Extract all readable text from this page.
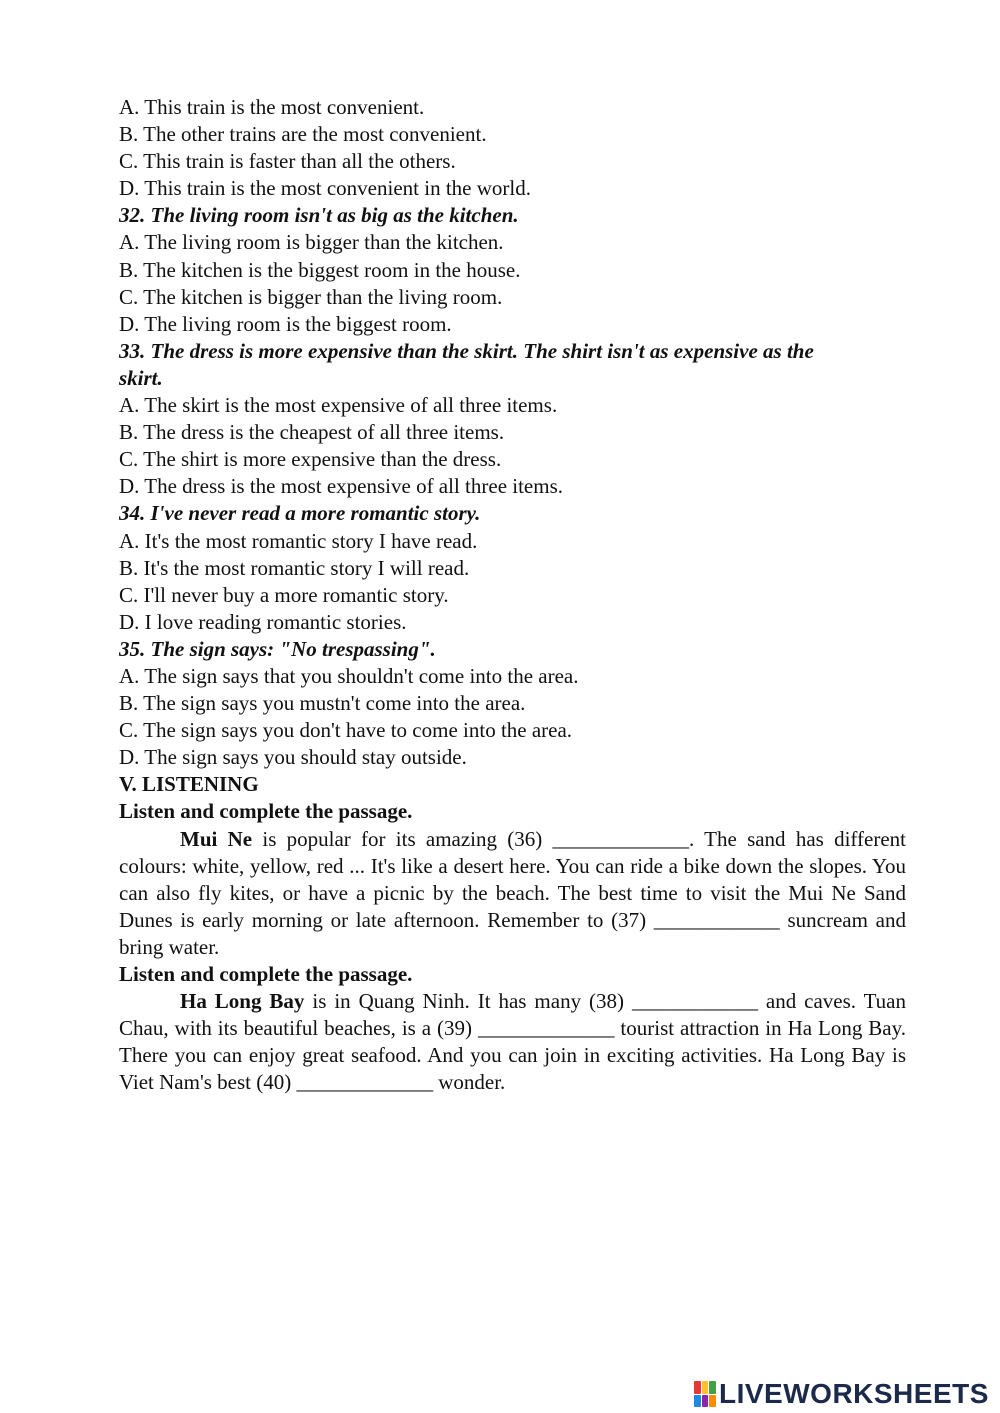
A. This train is the most convenient.

B. The other trains are the most convenient.

C. This train is faster than all the others.

D. This train is the most convenient in the world.

32. The living room isn't as big as the kitchen.

A. The living room is bigger than the kitchen.

B. The kitchen is the biggest room in the house.

C. The kitchen is bigger than the living room.

D. The living room is the biggest room.

33. The dress is more expensive than the skirt. The shirt isn't as expensive as the

skirt.

A. The skirt is the most expensive of all three items.

B. The dress is the cheapest of all three items.

C. The shirt is more expensive than the dress.

D. The dress is the most expensive of all three items.

34. I've never read a more romantic story.

A. It's the most romantic story I have read.

B. It's the most romantic story I will read.

C. I'll never buy a more romantic story.

D. I love reading romantic stories.

35. The sign says: "No trespassing".

A. The sign says that you shouldn't come into the area.

B. The sign says you mustn't come into the area.

C. The sign says you don't have to come into the area.

D. The sign says you should stay outside.

V. LISTENING

Listen and complete the passage.

Mui Ne is popular for its amazing (36) _____________. The sand has different colours: white, yellow, red ... It's like a desert here. You can ride a bike down the slopes. You can also fly kites, or have a picnic by the beach. The best time to visit the Mui Ne Sand Dunes is early morning or late afternoon. Remember to (37) ____________ suncream and bring water.

Listen and complete the passage.

Ha Long Bay is in Quang Ninh. It has many (38) ____________ and caves. Tuan Chau, with its beautiful beaches, is a (39) _____________ tourist attraction in Ha Long Bay. There you can enjoy great seafood. And you can join in exciting activities. Ha Long Bay is Viet Nam's best (40) _____________ wonder.

LIVEWORKSHEETS
